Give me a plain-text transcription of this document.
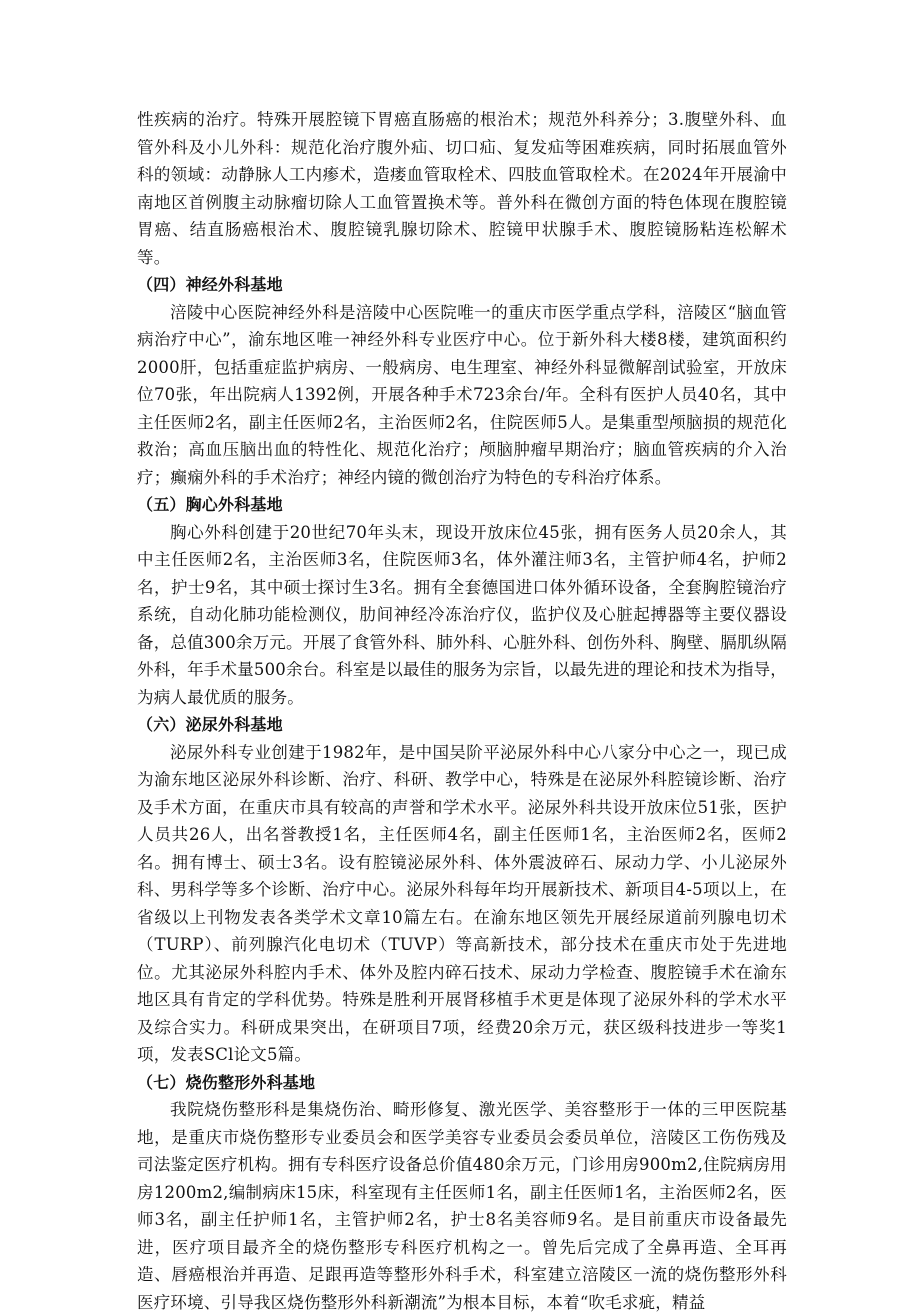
性疾病的治疗。特殊开展腔镜下胃癌直肠癌的根治术；规范外科养分；3.腹壁外科、血管外科及小儿外科：规范化治疗腹外疝、切口疝、复发疝等困难疾病，同时拓展血管外科的领域：动静脉人工内瘆术，造瘘血管取栓术、四肢血管取栓术。在2024年开展渝中南地区首例腹主动脉瘤切除人工血管置换术等。普外科在微创方面的特色体现在腹腔镜胃癌、结直肠癌根治术、腹腔镜乳腺切除术、腔镜甲状腺手术、腹腔镜肠粘连松解术等。

（四）神经外科基地

涪陵中心医院神经外科是涪陵中心医院唯一的重庆市医学重点学科，涪陵区“脑血管病治疗中心”，渝东地区唯一神经外科专业医疗中心。位于新外科大楼8楼，建筑面积约2000肝，包括重症监护病房、一般病房、电生理室、神经外科显微解剖试验室，开放床位70张，年出院病人1392例，开展各种手术723余台/年。全科有医护人员40名，其中主任医师2名，副主任医师2名，主治医师2名，住院医师5人。是集重型颅脑损的规范化救治；高血压脑出血的特性化、规范化治疗；颅脑肿瘤早期治疗；脑血管疾病的介入治疗；癫痫外科的手术治疗；神经内镜的微创治疗为特色的专科治疗体系。

（五）胸心外科基地

胸心外科创建于20世纪70年头末，现设开放床位45张，拥有医务人员20余人，其中主任医师2名，主治医师3名，住院医师3名，体外灌注师3名，主管护师4名，护师2名，护士9名，其中硕士探讨生3名。拥有全套德国进口体外循环设备，全套胸腔镜治疗系统，自动化肺功能检测仪，肋间神经冷冻治疗仪，监护仪及心脏起搏器等主要仪器设备，总值300余万元。开展了食管外科、肺外科、心脏外科、创伤外科、胸壁、膈肌纵隔外科，年手术量500余台。科室是以最佳的服务为宗旨，以最先进的理论和技术为指导，为病人最优质的服务。

（六）泌尿外科基地

泌尿外科专业创建于1982年，是中国吴阶平泌尿外科中心八家分中心之一，现已成为渝东地区泌尿外科诊断、治疗、科研、教学中心，特殊是在泌尿外科腔镜诊断、治疗及手术方面，在重庆市具有较高的声誉和学术水平。泌尿外科共设开放床位51张，医护人员共26人，出名誉教授1名，主任医师4名，副主任医师1名，主治医师2名，医师2名。拥有博士、硕士3名。设有腔镜泌尿外科、体外震波碎石、尿动力学、小儿泌尿外科、男科学等多个诊断、治疗中心。泌尿外科每年均开展新技术、新项目4-5项以上，在省级以上刊物发表各类学术文章10篇左右。在渝东地区领先开展经尿道前列腺电切术（TURP）、前列腺汽化电切术（TUVP）等高新技术，部分技术在重庆市处于先进地位。尤其泌尿外科腔内手术、体外及腔内碎石技术、尿动力学检查、腹腔镜手术在渝东地区具有肯定的学科优势。特殊是胜利开展肾移植手术更是体现了泌尿外科的学术水平及综合实力。科研成果突出，在研项目7项，经费20余万元，获区级科技进步一等奖1项，发表SCl论文5篇。

（七）烧伤整形外科基地

我院烧伤整形科是集烧伤治、畸形修复、激光医学、美容整形于一体的三甲医院基地，是重庆市烧伤整形专业委员会和医学美容专业委员会委员单位，涪陵区工伤伤残及司法鉴定医疗机构。拥有专科医疗设备总价值480余万元，门诊用房900m2,住院病房用房1200m2,编制病床15床，科室现有主任医师1名，副主任医师1名，主治医师2名，医师3名，副主任护师1名，主管护师2名，护士8名美容师9名。是目前重庆市设备最先进，医疗项目最齐全的烧伤整形专科医疗机构之一。曾先后完成了全鼻再造、全耳再造、唇癌根治并再造、足跟再造等整形外科手术，科室建立涪陵区一流的烧伤整形外科医疗环境、引导我区烧伤整形外科新潮流”为根本目标，本着“吹毛求疵，精益
